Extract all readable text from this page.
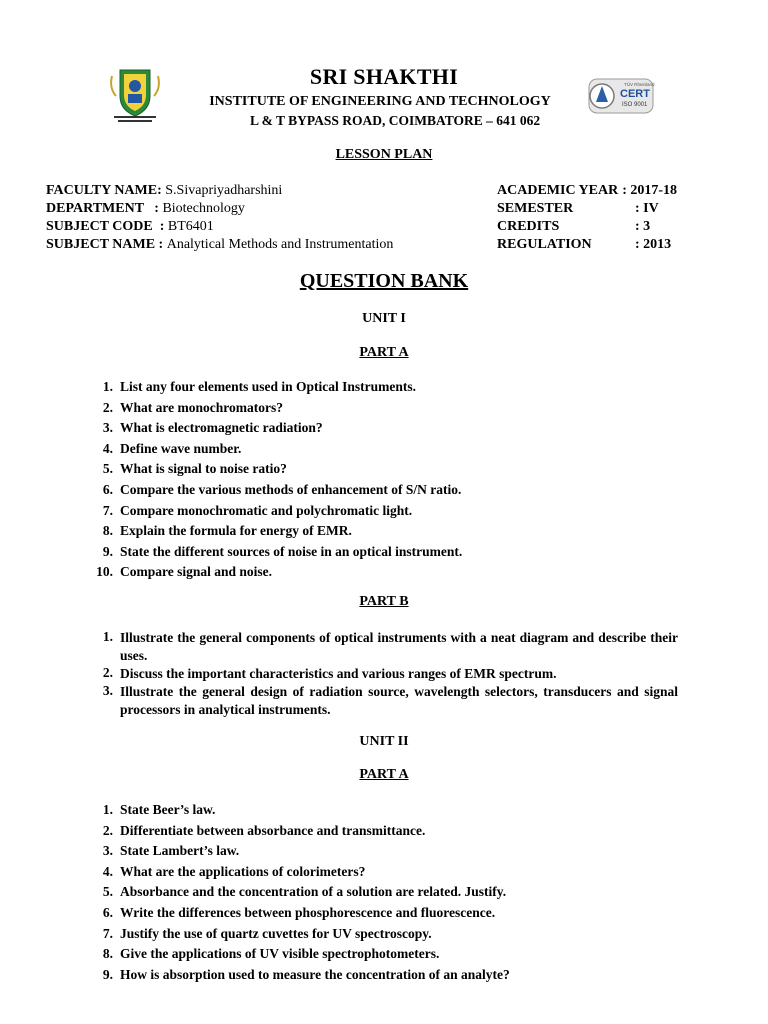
TÜV Rheinland
CERT
ISO 9001
SRI SHAKTHI
INSTITUTE OF ENGINEERING AND TECHNOLOGY
L & T BYPASS ROAD, COIMBATORE – 641 062
LESSON PLAN
FACULTY NAME: S.Sivapriyadharshini
DEPARTMENT   : Biotechnology
SUBJECT CODE  : BT6401
SUBJECT NAME : Analytical Methods and Instrumentation
ACADEMIC YEAR : 2017-18
SEMESTER	: IV
CREDITS	: 3
REGULATION	: 2013
QUESTION BANK
UNIT I
PART A
1. List any four elements used in Optical Instruments.
2. What are monochromators?
3. What is electromagnetic radiation?
4. Define wave number.
5. What is signal to noise ratio?
6. Compare the various methods of enhancement of S/N ratio.
7. Compare monochromatic and polychromatic light.
8. Explain the formula for energy of EMR.
9. State the different sources of noise in an optical instrument.
10. Compare signal and noise.
PART B
1. Illustrate the general components of optical instruments with a neat diagram and describe their uses.
2. Discuss the important characteristics and various ranges of EMR spectrum.
3. Illustrate the general design of radiation source, wavelength selectors, transducers and signal processors in analytical instruments.
UNIT II
PART A
1. State Beer’s law.
2. Differentiate between absorbance and transmittance.
3. State Lambert’s law.
4. What are the applications of colorimeters?
5. Absorbance and the concentration of a solution are related. Justify.
6. Write the differences between phosphorescence and fluorescence.
7. Justify the use of quartz cuvettes for UV spectroscopy.
8. Give the applications of UV visible spectrophotometers.
9. How is absorption used to measure the concentration of an analyte?
